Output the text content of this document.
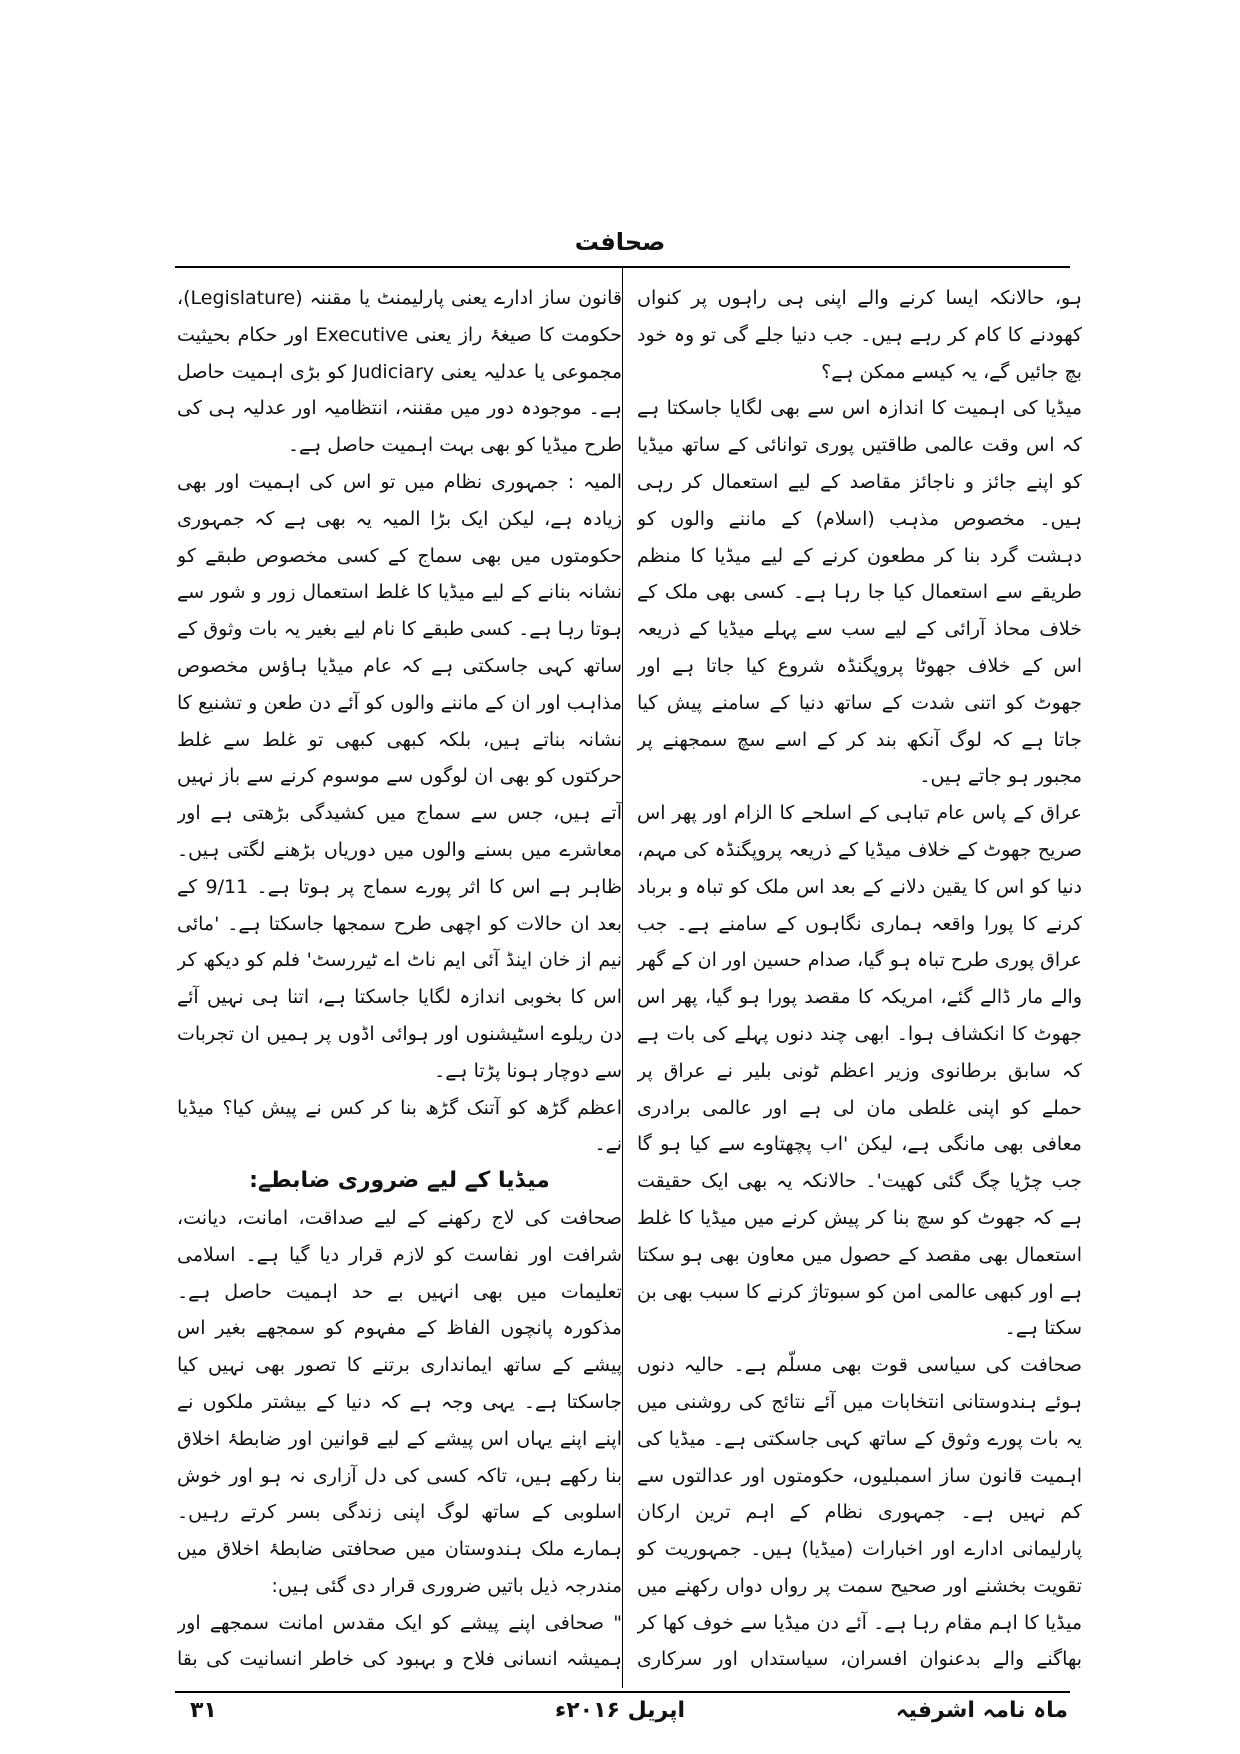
صحافت

ہو، حالانکہ ایسا کرنے والے اپنی ہی راہوں پر کنواں کھودنے کا کام کر رہے ہیں۔ جب دنیا جلے گی تو وہ خود بچ جائیں گے، یہ کیسے ممکن ہے؟

میڈیا کی اہمیت کا اندازہ اس سے بھی لگایا جاسکتا ہے کہ اس وقت عالمی طاقتیں پوری توانائی کے ساتھ میڈیا کو اپنے جائز و ناجائز مقاصد کے لیے استعمال کر رہی ہیں۔ مخصوص مذہب (اسلام) کے ماننے والوں کو دہشت گرد بنا کر مطعون کرنے کے لیے میڈیا کا منظم طریقے سے استعمال کیا جا رہا ہے۔ کسی بھی ملک کے خلاف محاذ آرائی کے لیے سب سے پہلے میڈیا کے ذریعہ اس کے خلاف جھوٹا پروپگنڈہ شروع کیا جاتا ہے اور جھوٹ کو اتنی شدت کے ساتھ دنیا کے سامنے پیش کیا جاتا ہے کہ لوگ آنکھ بند کر کے اسے سچ سمجھنے پر مجبور ہو جاتے ہیں۔

عراق کے پاس عام تباہی کے اسلحے کا الزام اور پھر اس صریح جھوٹ کے خلاف میڈیا کے ذریعہ پروپگنڈہ کی مہم، دنیا کو اس کا یقین دلانے کے بعد اس ملک کو تباہ و برباد کرنے کا پورا واقعہ ہماری نگاہوں کے سامنے ہے۔ جب عراق پوری طرح تباہ ہو گیا، صدام حسین اور ان کے گھر والے مار ڈالے گئے، امریکہ کا مقصد پورا ہو گیا، پھر اس جھوٹ کا انکشاف ہوا۔ ابھی چند دنوں پہلے کی بات ہے کہ سابق برطانوی وزیر اعظم ٹونی بلیر نے عراق پر حملے کو اپنی غلطی مان لی ہے اور عالمی برادری معافی بھی مانگی ہے، لیکن 'اب پچھتاوے سے کیا ہو گا جب چڑیا چگ گئی کھیت'۔ حالانکہ یہ بھی ایک حقیقت ہے کہ جھوٹ کو سچ بنا کر پیش کرنے میں میڈیا کا غلط استعمال بھی مقصد کے حصول میں معاون بھی ہو سکتا ہے اور کبھی عالمی امن کو سبوتاژ کرنے کا سبب بھی بن سکتا ہے۔

صحافت کی سیاسی قوت بھی مسلّم ہے۔ حالیہ دنوں ہوئے ہندوستانی انتخابات میں آئے نتائج کی روشنی میں یہ بات پورے وثوق کے ساتھ کہی جاسکتی ہے۔ میڈیا کی اہمیت قانون ساز اسمبلیوں، حکومتوں اور عدالتوں سے کم نہیں ہے۔ جمہوری نظام کے اہم ترین ارکان پارلیمانی ادارے اور اخبارات (میڈیا) ہیں۔ جمہوریت کو تقویت بخشنے اور صحیح سمت پر رواں دواں رکھنے میں میڈیا کا اہم مقام رہا ہے۔ آئے دن میڈیا سے خوف کھا کر بھاگنے والے بدعنوان افسران، سیاستداں اور سرکاری

قانون ساز ادارے یعنی پارلیمنٹ یا مقننہ (Legislature)، حکومت کا صیغۂ راز یعنی Executive اور حکام بحیثیت مجموعی یا عدلیہ یعنی Judiciary کو بڑی اہمیت حاصل ہے۔ موجودہ دور میں مقننہ، انتظامیہ اور عدلیہ ہی کی طرح میڈیا کو بھی بہت اہمیت حاصل ہے۔

المیہ : جمہوری نظام میں تو اس کی اہمیت اور بھی زیادہ ہے، لیکن ایک بڑا المیہ یہ بھی ہے کہ جمہوری حکومتوں میں بھی سماج کے کسی مخصوص طبقے کو نشانہ بنانے کے لیے میڈیا کا غلط استعمال زور و شور سے ہوتا رہا ہے۔ کسی طبقے کا نام لیے بغیر یہ بات وثوق کے ساتھ کہی جاسکتی ہے کہ عام میڈیا ہاؤس مخصوص مذاہب اور ان کے ماننے والوں کو آئے دن طعن و تشنیع کا نشانہ بناتے ہیں، بلکہ کبھی کبھی تو غلط سے غلط حرکتوں کو بھی ان لوگوں سے موسوم کرنے سے باز نہیں آتے ہیں، جس سے سماج میں کشیدگی بڑھتی ہے اور معاشرے میں بسنے والوں میں دوریاں بڑھنے لگتی ہیں۔ ظاہر ہے اس کا اثر پورے سماج پر ہوتا ہے۔ 9/11 کے بعد ان حالات کو اچھی طرح سمجھا جاسکتا ہے۔ 'مائی نیم از خان اینڈ آئی ایم ناٹ اے ٹیررسٹ' فلم کو دیکھ کر اس کا بخوبی اندازہ لگایا جاسکتا ہے، اتنا ہی نہیں آئے دن ریلوے اسٹیشنوں اور ہوائی اڈوں پر ہمیں ان تجربات سے دوچار ہونا پڑتا ہے۔

اعظم گڑھ کو آتنک گڑھ بنا کر کس نے پیش کیا؟ میڈیا نے۔

میڈیا کے لیے ضروری ضابطے:

صحافت کی لاج رکھنے کے لیے صداقت، امانت، دیانت، شرافت اور نفاست کو لازم قرار دیا گیا ہے۔ اسلامی تعلیمات میں بھی انہیں بے حد اہمیت حاصل ہے۔ مذکورہ پانچوں الفاظ کے مفہوم کو سمجھے بغیر اس پیشے کے ساتھ ایمانداری برتنے کا تصور بھی نہیں کیا جاسکتا ہے۔ یہی وجہ ہے کہ دنیا کے بیشتر ملکوں نے اپنے اپنے یہاں اس پیشے کے لیے قوانین اور ضابطۂ اخلاق بنا رکھے ہیں، تاکہ کسی کی دل آزاری نہ ہو اور خوش اسلوبی کے ساتھ لوگ اپنی زندگی بسر کرتے رہیں۔ ہمارے ملک ہندوستان میں صحافتی ضابطۂ اخلاق میں مندرجہ ذیل باتیں ضروری قرار دی گئی ہیں:

" صحافی اپنے پیشے کو ایک مقدس امانت سمجھے اور ہمیشہ انسانی فلاح و بہبود کی خاطر انسانیت کی بقا

ماہ نامہ اشرفیہ
اپریل ۲۰۱۶ء
۳۱
